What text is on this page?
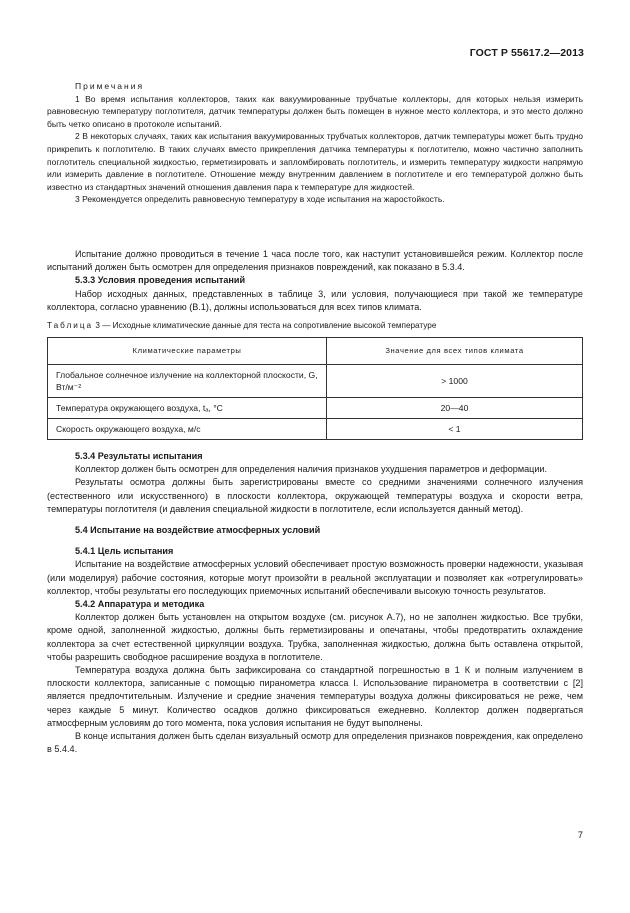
ГОСТ Р 55617.2—2013

Примечания

1 Во время испытания коллекторов, таких как вакуумированные трубчатые коллекторы, для которых нельзя измерить равновесную температуру поглотителя, датчик температуры должен быть помещен в нужное место коллектора, и это место должно быть четко описано в протоколе испытаний.

2 В некоторых случаях, таких как испытания вакуумированных трубчатых коллекторов, датчик температуры может быть трудно прикрепить к поглотителю. В таких случаях вместо прикрепления датчика температуры к поглотителю, можно частично заполнить поглотитель специальной жидкостью, герметизировать и запломбировать поглотитель, и измерить температуру жидкости напрямую или измерить давление в поглотителе. Отношение между внутренним давлением в поглотителе и его температурой должно быть известно из стандартных значений отношения давления пара к температуре для жидкостей.

3 Рекомендуется определить равновесную температуру в ходе испытания на жаростойкость.

Испытание должно проводиться в течение 1 часа после того, как наступит установившейся режим. Коллектор после испытаний должен быть осмотрен для определения признаков повреждений, как показано в 5.3.4.

5.3.3 Условия проведения испытаний

Набор исходных данных, представленных в таблице 3, или условия, получающиеся при такой же температуре коллектора, согласно уравнению (В.1), должны использоваться для всех типов климата.

Таблица 3 — Исходные климатические данные для теста на сопротивление высокой температуре
Климатические параметры	Значение для всех типов климата
Глобальное солнечное излучение на коллекторной плоскости, G, Вт/м⁻²	> 1000
Температура окружающего воздуха, tₐ, °C	20—40
Скорость окружающего воздуха, м/с	< 1
5.3.4 Результаты испытания

Коллектор должен быть осмотрен для определения наличия признаков ухудшения параметров и деформации.

Результаты осмотра должны быть зарегистрированы вместе со средними значениями солнечного излучения (естественного или искусственного) в плоскости коллектора, окружающей температуры воздуха и скорости ветра, температуры поглотителя (и давления специальной жидкости в поглотителе, если используется данный метод).

5.4 Испытание на воздействие атмосферных условий
5.4.1 Цель испытания

Испытание на воздействие атмосферных условий обеспечивает простую возможность проверки надежности, указывая (или моделируя) рабочие состояния, которые могут произойти в реальной эксплуатации и позволяет как «отрегулировать» коллектор, чтобы результаты его последующих приемочных испытаний обеспечивали высокую точность результатов.

5.4.2 Аппаратура и методика

Коллектор должен быть установлен на открытом воздухе (см. рисунок А.7), но не заполнен жидкостью. Все трубки, кроме одной, заполненной жидкостью, должны быть герметизированы и опечатаны, чтобы предотвратить охлаждение коллектора за счет естественной циркуляции воздуха. Трубка, заполненная жидкостью, должна быть оставлена открытой, чтобы разрешить свободное расширение воздуха в поглотителе.

Температура воздуха должна быть зафиксирована со стандартной погрешностью в 1 К и полным излучением в плоскости коллектора, записанные с помощью пиранометра класса I. Использование пиранометра в соответствии с [2] является предпочтительным. Излучение и средние значения температуры воздуха должны фиксироваться не реже, чем через каждые 5 минут. Количество осадков должно фиксироваться ежедневно. Коллектор должен подвергаться атмосферным условиям до того момента, пока условия испытания не будут выполнены.

В конце испытания должен быть сделан визуальный осмотр для определения признаков повреждения, как определено в 5.4.4.

7
